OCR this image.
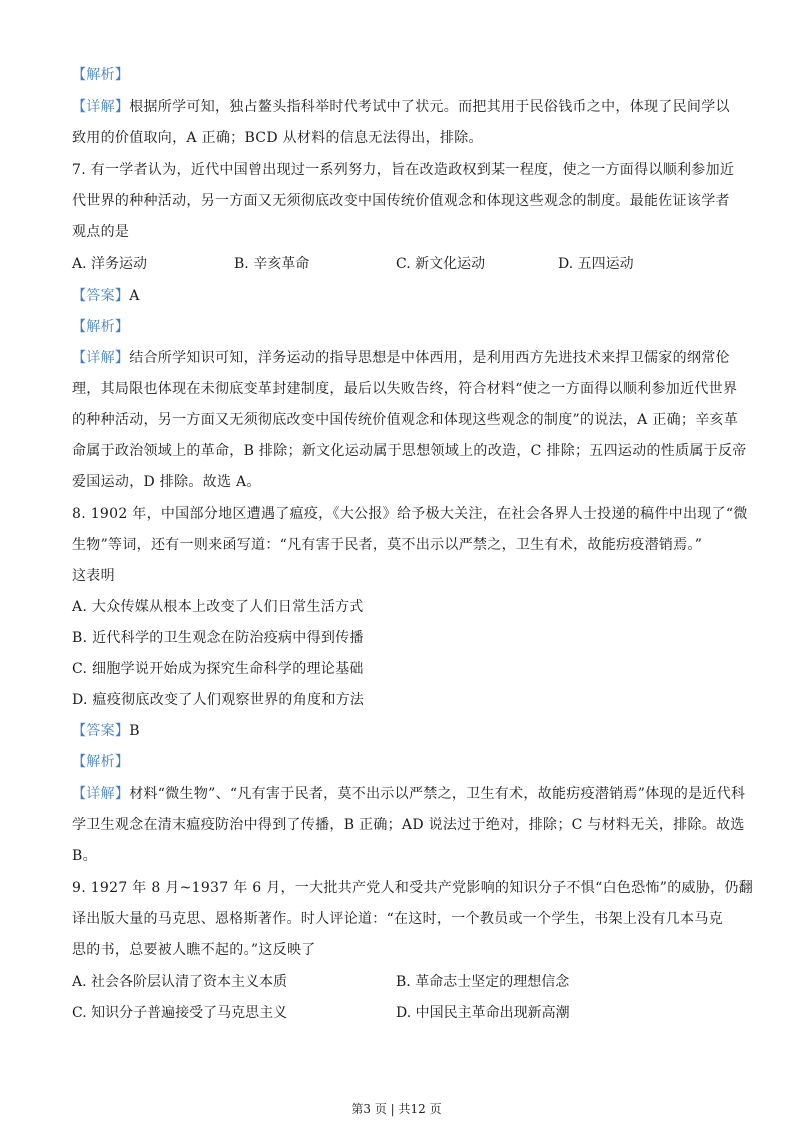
【解析】
【详解】根据所学可知，独占鳌头指科举时代考试中了状元。而把其用于民俗钱币之中，体现了民间学以
致用的价值取向，A 正确；BCD 从材料的信息无法得出，排除。
7. 有一学者认为，近代中国曾出现过一系列努力，旨在改造政权到某一程度，使之一方面得以顺利参加近
代世界的种种活动，另一方面又无须彻底改变中国传统价值观念和体现这些观念的制度。最能佐证该学者
观点的是
A. 洋务运动	B. 辛亥革命	C. 新文化运动	D. 五四运动
【答案】A
【解析】
【详解】结合所学知识可知，洋务运动的指导思想是中体西用，是利用西方先进技术来捍卫儒家的纲常伦
理，其局限也体现在未彻底变革封建制度，最后以失败告终，符合材料“使之一方面得以顺利参加近代世界
的种种活动，另一方面又无须彻底改变中国传统价值观念和体现这些观念的制度”的说法，A 正确；辛亥革
命属于政治领域上的革命，B 排除；新文化运动属于思想领域上的改造，C 排除；五四运动的性质属于反帝
爱国运动，D 排除。故选 A。
8. 1902 年，中国部分地区遭遇了瘟疫，《大公报》给予极大关注，在社会各界人士投递的稿件中出现了“微
生物”等词，还有一则来函写道：“凡有害于民者，莫不出示以严禁之，卫生有术，故能疠疫潜销焉。”
这表明
A. 大众传媒从根本上改变了人们日常生活方式
B. 近代科学的卫生观念在防治疫病中得到传播
C. 细胞学说开始成为探究生命科学的理论基础
D. 瘟疫彻底改变了人们观察世界的角度和方法
【答案】B
【解析】
【详解】材料“微生物”、“凡有害于民者，莫不出示以严禁之，卫生有术，故能疠疫潜销焉”体现的是近代科
学卫生观念在清末瘟疫防治中得到了传播，B 正确；AD 说法过于绝对，排除；C 与材料无关，排除。故选
B。
9. 1927 年 8 月~1937 年 6 月，一大批共产党人和受共产党影响的知识分子不惧“白色恐怖”的威胁，仍翻
译出版大量的马克思、恩格斯著作。时人评论道：“在这时，一个教员或一个学生，书架上没有几本马克
思的书，总要被人瞧不起的。”这反映了
A. 社会各阶层认清了资本主义本质	B. 革命志士坚定的理想信念
C. 知识分子普遍接受了马克思主义	D. 中国民主革命出现新高潮
第3 页 | 共12 页
